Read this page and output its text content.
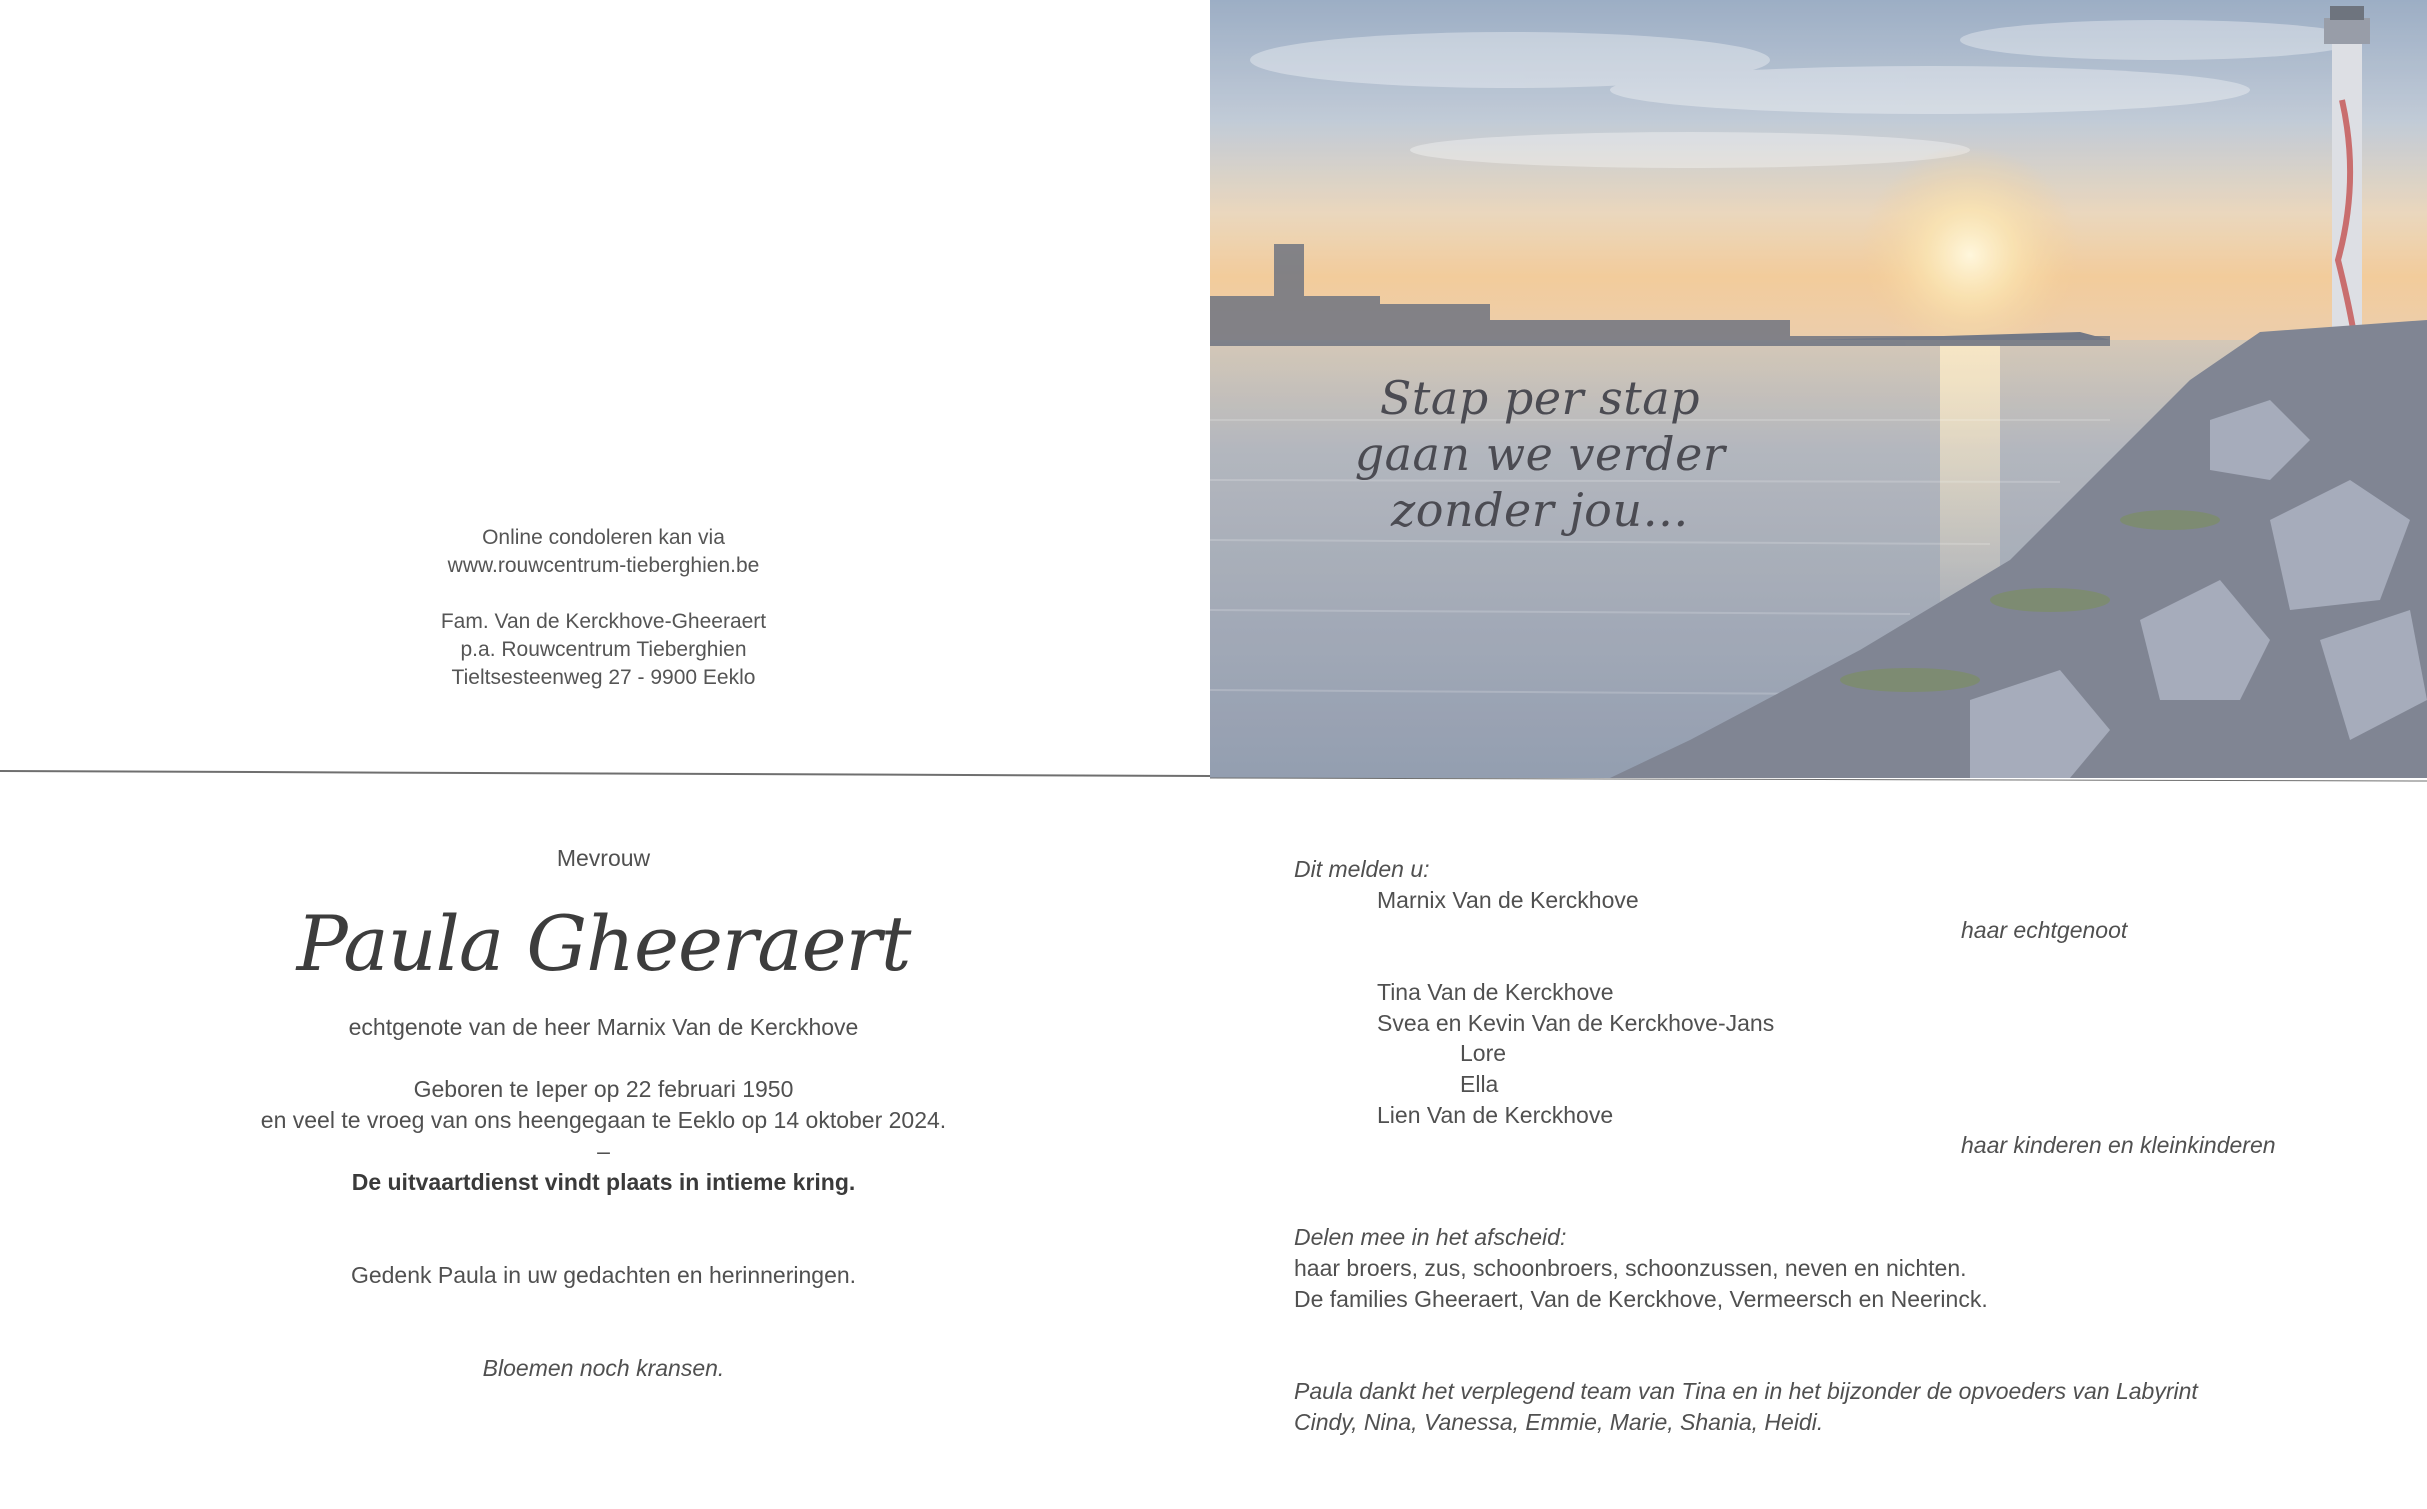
Online condoleren kan via
www.rouwcentrum-tieberghien.be
Fam. Van de Kerckhove-Gheeraert
p.a. Rouwcentrum Tieberghien
Tieltsesteenweg 27 - 9900 Eeklo
Stap per stap
gaan we verder
zonder jou…
Mevrouw
Paula Gheeraert
echtgenote van de heer Marnix Van de Kerckhove

Geboren te Ieper op 22 februari 1950
en veel te vroeg van ons heengegaan te Eeklo op 14 oktober 2024.
–
De uitvaartdienst vindt plaats in intieme kring.

Gedenk Paula in uw gedachten en herinneringen.

Bloemen noch kransen.
Dit melden u:
Marnix Van de Kerckhove
haar echtgenoot
Tina Van de Kerckhove
Svea en Kevin Van de Kerckhove-Jans
Lore
Ella
Lien Van de Kerckhove
haar kinderen en kleinkinderen
Delen mee in het afscheid:
haar broers, zus, schoonbroers, schoonzussen, neven en nichten.
De families Gheeraert, Van de Kerckhove, Vermeersch en Neerinck.
Paula dankt het verplegend team van Tina en in het bijzonder de opvoeders van Labyrint
Cindy, Nina, Vanessa, Emmie, Marie, Shania, Heidi.
